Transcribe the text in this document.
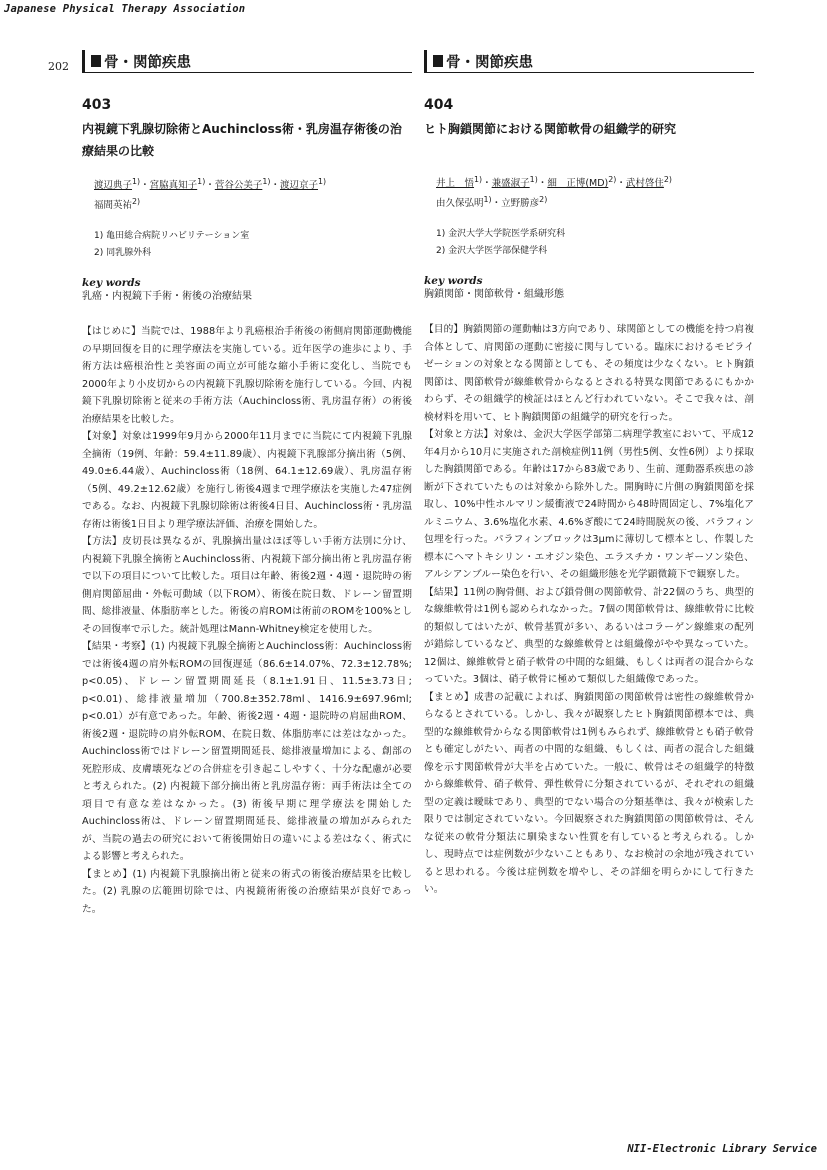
Japanese Physical Therapy Association
202 骨・関節疾患
403
内視鏡下乳腺切除術とAuchincloss術・乳房温存術後の治療結果の比較
渡辺典子$^{1)}$・宮脇真知子$^{1)}$・菅谷公美子$^{1)}$・渡辺京子$^{1)}$
福間英祐$^{2)}$
1) 亀田総合病院リハビリテーション室
2) 同乳腺外科
key words
乳癌・内視鏡下手術・術後の治療結果

【はじめに】当院では、1988年より乳癌根治手術後の術側肩関節運動機能の早期回復を目的に理学療法を実施している。近年医学の進歩により、手術方法は癌根治性と美容面の両立が可能な縮小手術に変化し、当院でも2000年より小皮切からの内視鏡下乳腺切除術を施行している。今回、内視鏡下乳腺切除術と従来の手術方法（Auchincloss術、乳房温存術）の術後治療結果を比較した。

【対象】対象は1999年9月から2000年11月までに当院にて内視鏡下乳腺全摘術（19例、年齢：59.4±11.89歳）、内視鏡下乳腺部分摘出術（5例、49.0±6.44歳）、Auchincloss術（18例、64.1±12.69歳）、乳房温存術（5例、49.2±12.62歳）を施行し術後4週まで理学療法を実施した47症例である。なお、内視鏡下乳腺切除術は術後4日目、Auchincloss術・乳房温存術は術後1日目より理学療法評価、治療を開始した。

【方法】皮切長は異なるが、乳腺摘出量はほぼ等しい手術方法別に分け、内視鏡下乳腺全摘術とAuchincloss術、内視鏡下部分摘出術と乳房温存術で以下の項目について比較した。項目は年齢、術後2週・4週・退院時の術側肩関節屈曲・外転可動域（以下ROM）、術後在院日数、ドレーン留置期間、総排液量、体脂肪率とした。術後の肩ROMは術前のROMを100%としその回復率で示した。統計処理はMann-Whitney検定を使用した。

【結果・考察】(1) 内視鏡下乳腺全摘術とAuchincloss術：Auchincloss術では術後4週の肩外転ROMの回復遅延（86.6±14.07%、72.3±12.78%; p<0.05)、ドレーン留置期間延長（8.1±1.91日、11.5±3.73日; p<0.01)、総排液量増加（700.8±352.78ml、1416.9±697.96ml; p<0.01）が有意であった。年齢、術後2週・4週・退院時の肩屈曲ROM、術後2週・退院時の肩外転ROM、在院日数、体脂肪率には差はなかった。Auchincloss術ではドレーン留置期間延長、総排液量増加による、創部の死腔形成、皮膚壊死などの合併症を引き起こしやすく、十分な配慮が必要と考えられた。(2) 内視鏡下部分摘出術と乳房温存術：両手術法は全ての項目で有意な差はなかった。(3) 術後早期に理学療法を開始したAuchincloss術は、ドレーン留置期間延長、総排液量の増加がみられたが、当院の過去の研究において術後開始日の違いによる差はなく、術式による影響と考えられた。

【まとめ】(1) 内視鏡下乳腺摘出術と従来の術式の術後治療結果を比較した。(2) 乳腺の広範囲切除では、内視鏡術術後の治療結果が良好であった。

骨・関節疾患
404
ヒト胸鎖関節における関節軟骨の組織学的研究
井上　悟$^{1)}$・兼盛淑子$^{1)}$・細　正博(MD)$^{2)}$・武村啓住$^{2)}$
由久保弘明$^{1)}$・立野勝彦$^{2)}$
1) 金沢大学大学院医学系研究科
2) 金沢大学医学部保健学科
key words
胸鎖関節・関節軟骨・組織形態

【目的】胸鎖関節の運動軸は3方向であり、球関節としての機能を持つ肩複合体として、肩関節の運動に密接に関与している。臨床におけるモビライゼーションの対象となる関節としても、その頻度は少なくない。ヒト胸鎖関節は、関節軟骨が線維軟骨からなるとされる特異な関節であるにもかかわらず、その組織学的検証はほとんど行われていない。そこで我々は、剖検材料を用いて、ヒト胸鎖関節の組織学的研究を行った。

【対象と方法】対象は、金沢大学医学部第二病理学教室において、平成12年4月から10月に実施された剖検症例11例（男性5例、女性6例）より採取した胸鎖関節である。年齢は17から83歳であり、生前、運動器系疾患の診断が下されていたものは対象から除外した。開胸時に片側の胸鎖関節を採取し、10%中性ホルマリン緩衝液で24時間から48時間固定し、7%塩化アルミニウム、3.6%塩化水素、4.6%ぎ酸にて24時間脱灰の後、パラフィン包埋を行った。パラフィンブロックは3μmに薄切して標本とし、作製した標本にヘマトキシリン・エオジン染色、エラスチカ・ワンギーソン染色、アルシアンブルー染色を行い、その組織形態を光学顕微鏡下で観察した。

【結果】11例の胸骨側、および鎖骨側の関節軟骨、計22個のうち、典型的な線維軟骨は1例も認められなかった。7個の関節軟骨は、線維軟骨に比較的類似してはいたが、軟骨基質が多い、あるいはコラーゲン線維束の配列が錯綜しているなど、典型的な線維軟骨とは組織像がやや異なっていた。12個は、線維軟骨と硝子軟骨の中間的な組織、もしくは両者の混合からなっていた。3個は、硝子軟骨に極めて類似した組織像であった。

【まとめ】成書の記載によれば、胸鎖関節の関節軟骨は密性の線維軟骨からなるとされている。しかし、我々が観察したヒト胸鎖関節標本では、典型的な線維軟骨からなる関節軟骨は1例もみられず、線維軟骨とも硝子軟骨とも確定しがたい、両者の中間的な組織、もしくは、両者の混合した組織像を示す関節軟骨が大半を占めていた。一般に、軟骨はその組織学的特徴から線維軟骨、硝子軟骨、弾性軟骨に分類されているが、それぞれの組織型の定義は曖昧であり、典型的でない場合の分類基準は、我々が検索した限りでは制定されていない。今回観察された胸鎖関節の関節軟骨は、そんな従来の軟骨分類法に馴染まない性質を有していると考えられる。しかし、現時点では症例数が少ないこともあり、なお検討の余地が残されていると思われる。今後は症例数を増やし、その詳細を明らかにして行きたい。

NII-Electronic Library Service
